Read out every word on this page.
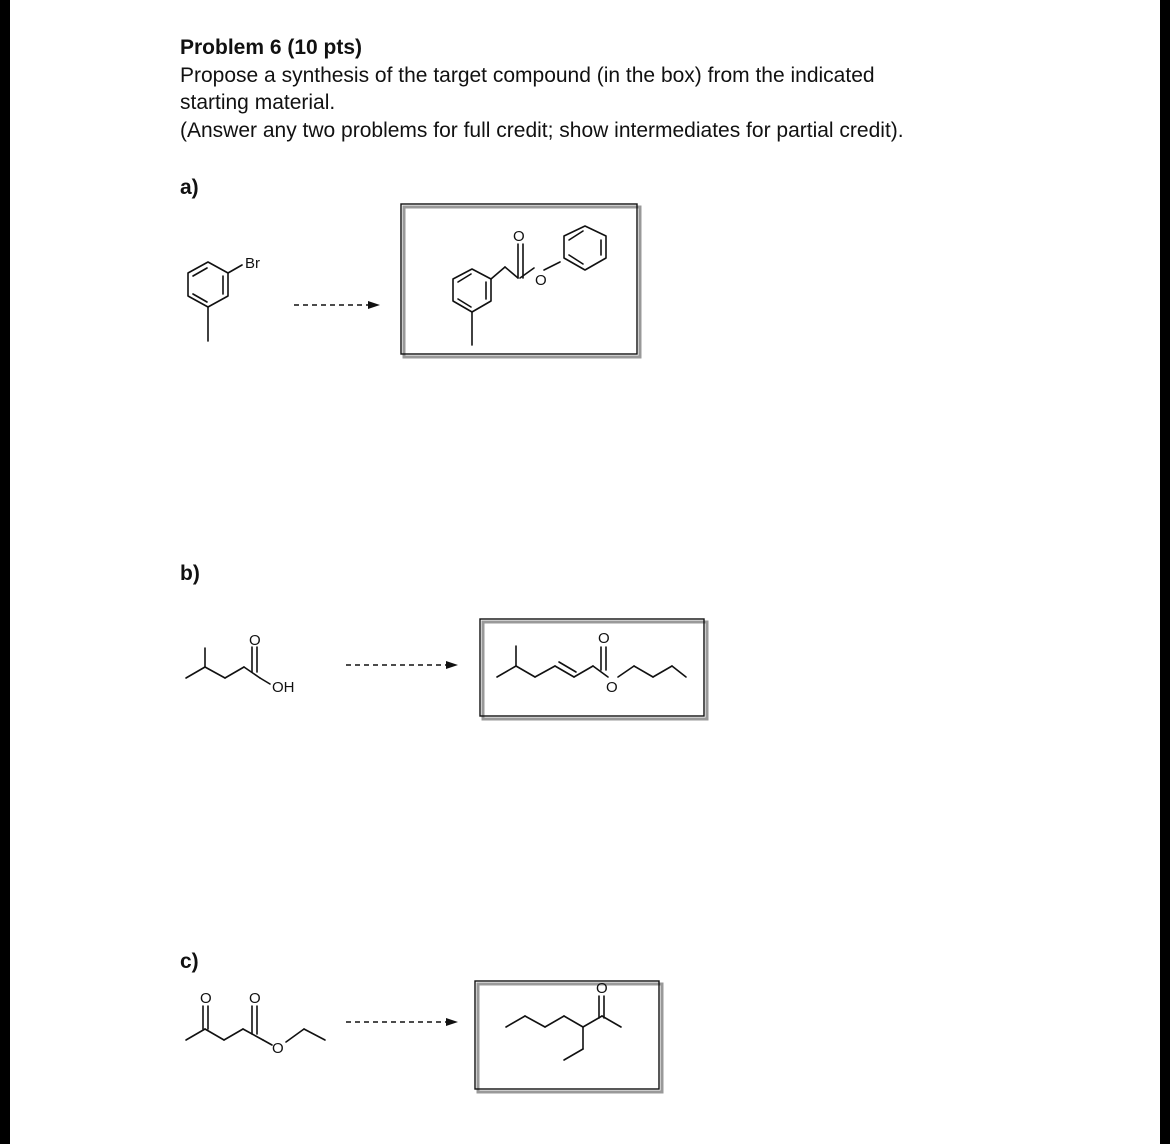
Problem 6 (10 pts)
Propose a synthesis of the target compound (in the box) from the indicated
starting material.
(Answer any two problems for full credit; show intermediates for partial credit).
a)
Br
O
O
b)
O
OH
O
O
c)
O O
O
O
